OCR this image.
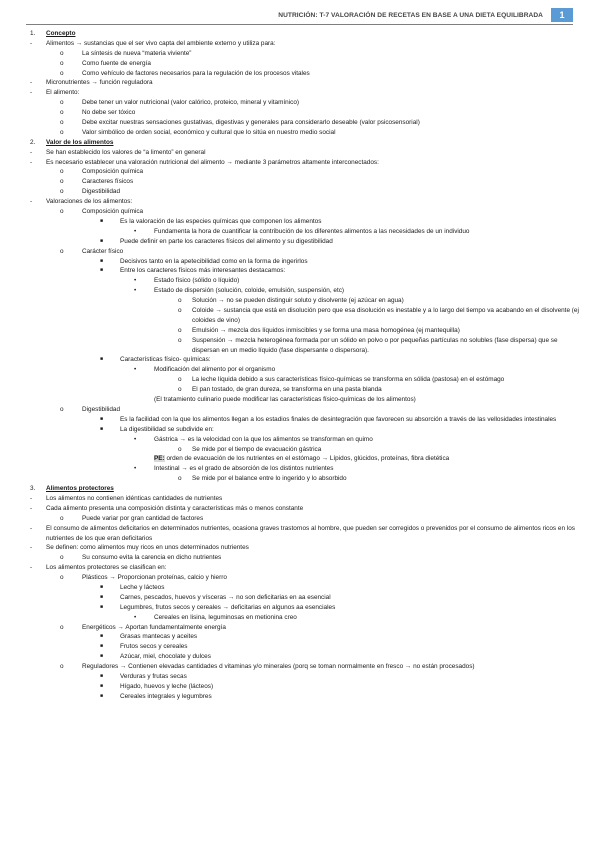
NUTRICIÓN: T-7 VALORACIÓN DE RECETAS EN BASE A UNA DIETA EQUILIBRADA	1
1. Concepto
- Alimentos → sustancias que el ser vivo capta del ambiente externo y utiliza para:
o	La síntesis de nueva “materia viviente”
o	Como fuente de energía
o	Como vehículo de factores necesarios para la regulación de los procesos vitales
- Micronutrientes → función reguladora
- El alimento:
o	Debe tener un valor nutricional (valor calórico, proteico, mineral y vitamínico)
o	No debe ser tóxico
o	Debe excitar nuestras sensaciones gustativas, digestivas y generales para considerarlo deseable (valor psicosensorial)
o	Valor simbólico de orden social, económico y cultural que lo sitúa en nuestro medio social
2. Valor de los alimentos
- Se han establecido los valores de “a limento” en general
- Es necesario establecer una valoración nutricional del alimento → mediante 3 parámetros altamente interconectados:
o	Composición química
o	Caracteres físicos
o	Digestibilidad
- Valoraciones de los alimentos:
o	Composición química
■	Es la valoración de las especies químicas que componen los alimentos
•	Fundamenta la hora de cuantificar la contribución de los diferentes alimentos a las necesidades de un individuo
■	Puede definir en parte los caracteres físicos del alimento y su digestibilidad
o	Carácter físico
■	Decisivos tanto en la apetecibilidad como en la forma de ingerirlos
■	Entre los caracteres físicos más interesantes destacamos:
•	Estado físico (sólido o líquido)
•	Estado de dispersión (solución, coloide, emulsión, suspensión, etc)
o Solución → no se pueden distinguir soluto y disolvente (ej azúcar en agua)
o Coloide → sustancia que está en disolución pero que esa disolución es inestable y a lo largo del tiempo va acabando en el disolvente (ej coloides de vino)
o Emulsión → mezcla dos líquidos inmiscibles y se forma una masa homogénea (ej mantequilla)
o Suspensión → mezcla heterogénea formada por un sólido en polvo o por pequeñas partículas no solubles (fase dispersa) que se dispersan en un medio líquido (fase dispersante o dispersora).
■	Características físico- químicas:
•	Modificación del alimento por el organismo
o La leche líquida debido a sus características físico-químicas se transforma en sólida (pastosa) en el estómago
o El pan tostado, de gran dureza, se transforma en una pasta blanda
(El tratamiento culinario puede modificar las características físico-químicas de los alimentos)
o	Digestibilidad
■	Es la facilidad con la que los alimentos llegan a los estadios finales de desintegración que favorecen su absorción a través de las vellosidades intestinales
■	La digestibilidad se subdivide en:
•	Gástrica → es la velocidad con la que los alimentos se transforman en quimo
o Se mide por el tiempo de evacuación gástrica
PE: orden de evacuación de los nutrientes en el estómago → Lípidos, glúcidos, proteínas, fibra dietética
•	Intestinal → es el grado de absorción de los distintos nutrientes
o Se mide por el balance entre lo ingerido y lo absorbido
3. Alimentos protectores
- Los alimentos no contienen idénticas cantidades de nutrientes
- Cada alimento presenta una composición distinta y características más o menos constante
o	Puede variar por gran cantidad de factores
- El consumo de alimentos deficitarios en determinados nutrientes, ocasiona graves trastornos al hombre, que pueden ser corregidos o prevenidos por el consumo de alimentos ricos en los nutrientes de los que eran deficitarios
- Se definen: como alimentos muy ricos en unos determinados nutrientes
o	Su consumo evita la carencia en dicho nutrientes
- Los alimentos protectores se clasifican en:
o	Plásticos → Proporcionan proteínas, calcio y hierro
■	Leche y lácteos
■	Carnes, pescados, huevos y vísceras → no son deficitarias en aa esencial
■	Legumbres, frutos secos y cereales → deficitarias en algunos aa esenciales
•	Cereales en lisina, leguminosas en metionina creo
o	Energéticos → Aportan fundamentalmente energía
■	Grasas mantecas y aceites
■	Frutos secos y cereales
■	Azúcar, miel, chocolate y dulces
o	Reguladores → Contienen elevadas cantidades d vitaminas y/o minerales (porq se toman normalmente en fresco → no están procesados)
■	Verduras y frutas secas
■	Hígado, huevos y leche (lácteos)
■	Cereales integrales y legumbres
